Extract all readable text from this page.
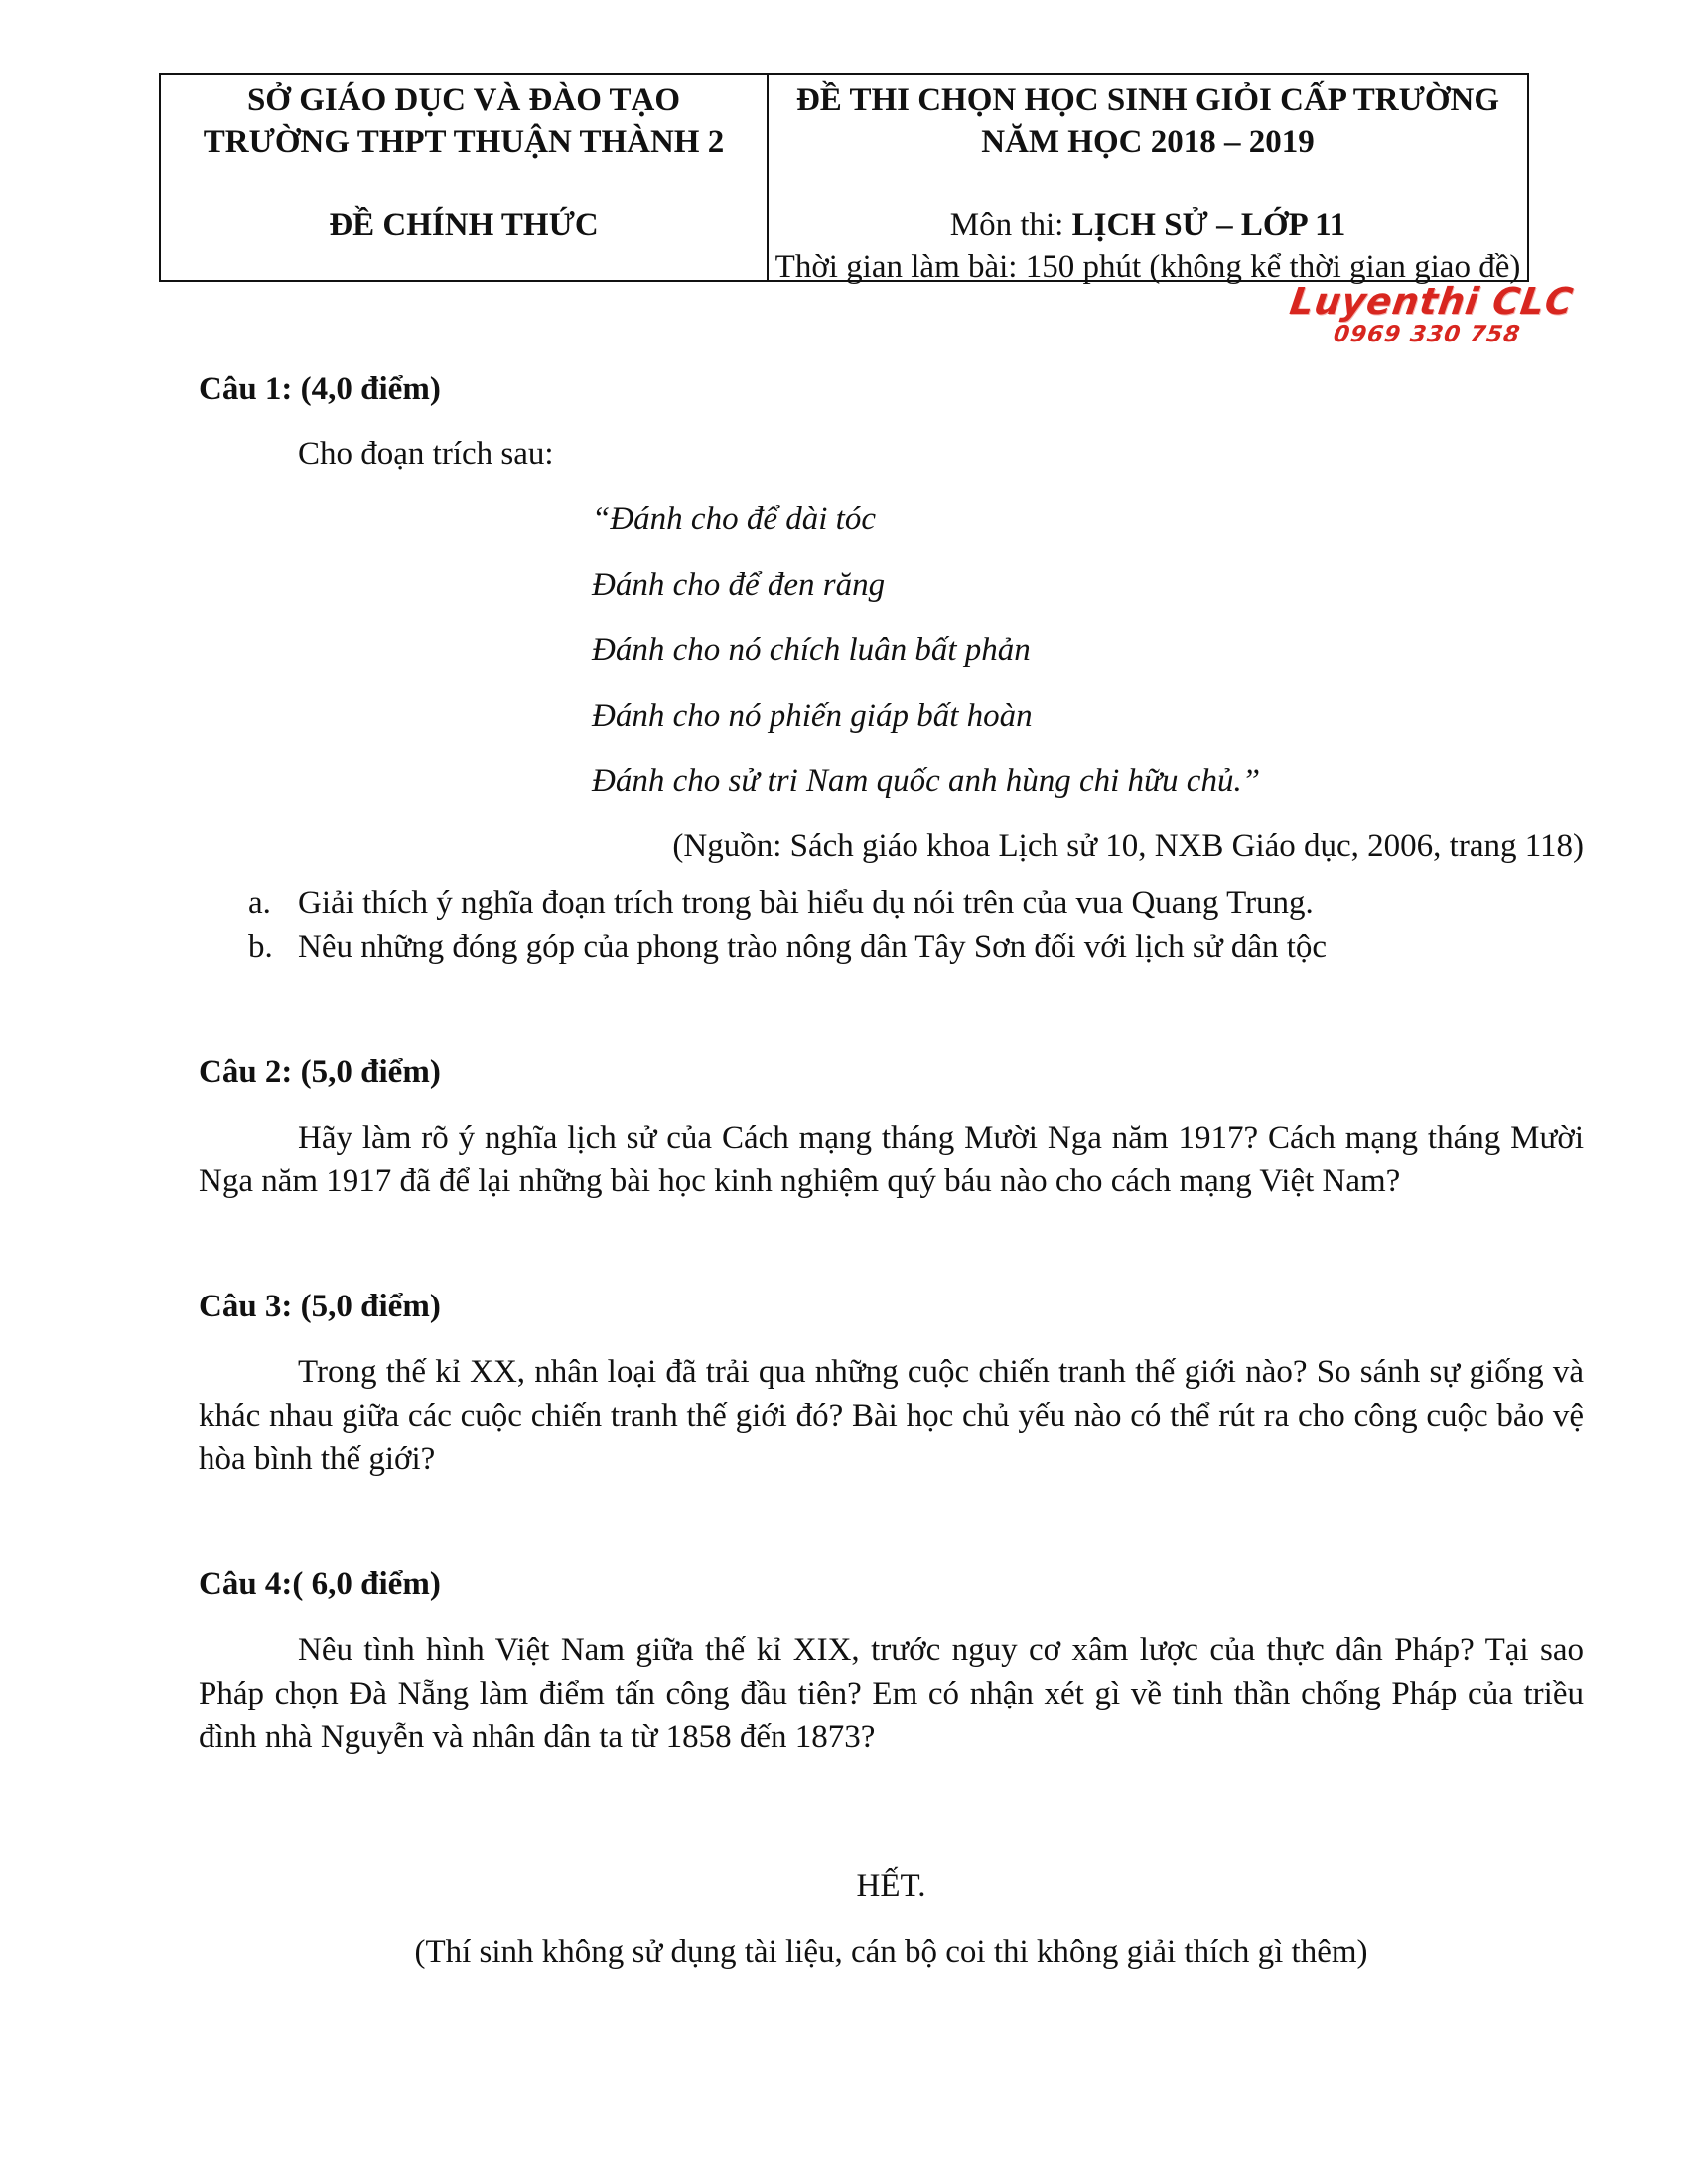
SỞ GIÁO DỤC VÀ ĐÀO TẠO
TRƯỜNG THPT THUẬN THÀNH 2
ĐỀ CHÍNH THỨC
ĐỀ THI CHỌN HỌC SINH GIỎI CẤP TRƯỜNG
NĂM HỌC 2018 – 2019
Môn thi: LỊCH SỬ – LỚP 11
Thời gian làm bài: 150 phút (không kể thời gian giao đề)
Luyenthi CLC
0969 330 758

Câu 1: (4,0 điểm)

Cho đoạn trích sau:
“Đánh cho để dài tóc
Đánh cho để đen răng
Đánh cho nó chích luân bất phản
Đánh cho nó phiến giáp bất hoàn
Đánh cho sử tri Nam quốc anh hùng chi hữu chủ.”
(Nguồn: Sách giáo khoa Lịch sử 10, NXB Giáo dục, 2006, trang 118)
a. Giải thích ý nghĩa đoạn trích trong bài hiểu dụ nói trên của vua Quang Trung.
b. Nêu những đóng góp của phong trào nông dân Tây Sơn đối với lịch sử dân tộc

Câu 2: (5,0 điểm)

Hãy làm rõ ý nghĩa lịch sử của Cách mạng tháng Mười Nga năm 1917? Cách mạng tháng Mười Nga năm 1917 đã để lại những bài học kinh nghiệm quý báu nào cho cách mạng Việt Nam?

Câu 3: (5,0 điểm)

Trong thế kỉ XX, nhân loại đã trải qua những cuộc chiến tranh thế giới nào? So sánh sự giống và khác nhau giữa các cuộc chiến tranh thế giới đó? Bài học chủ yếu nào có thể rút ra cho công cuộc bảo vệ hòa bình thế giới?

Câu 4:( 6,0 điểm)

Nêu tình hình Việt Nam giữa thế kỉ XIX, trước nguy cơ xâm lược của thực dân Pháp? Tại sao Pháp chọn Đà Nẵng làm điểm tấn công đầu tiên? Em có nhận xét gì về tinh thần chống Pháp của triều đình nhà Nguyễn và nhân dân ta từ 1858 đến 1873?

HẾT.
(Thí sinh không sử dụng tài liệu, cán bộ coi thi không giải thích gì thêm)
